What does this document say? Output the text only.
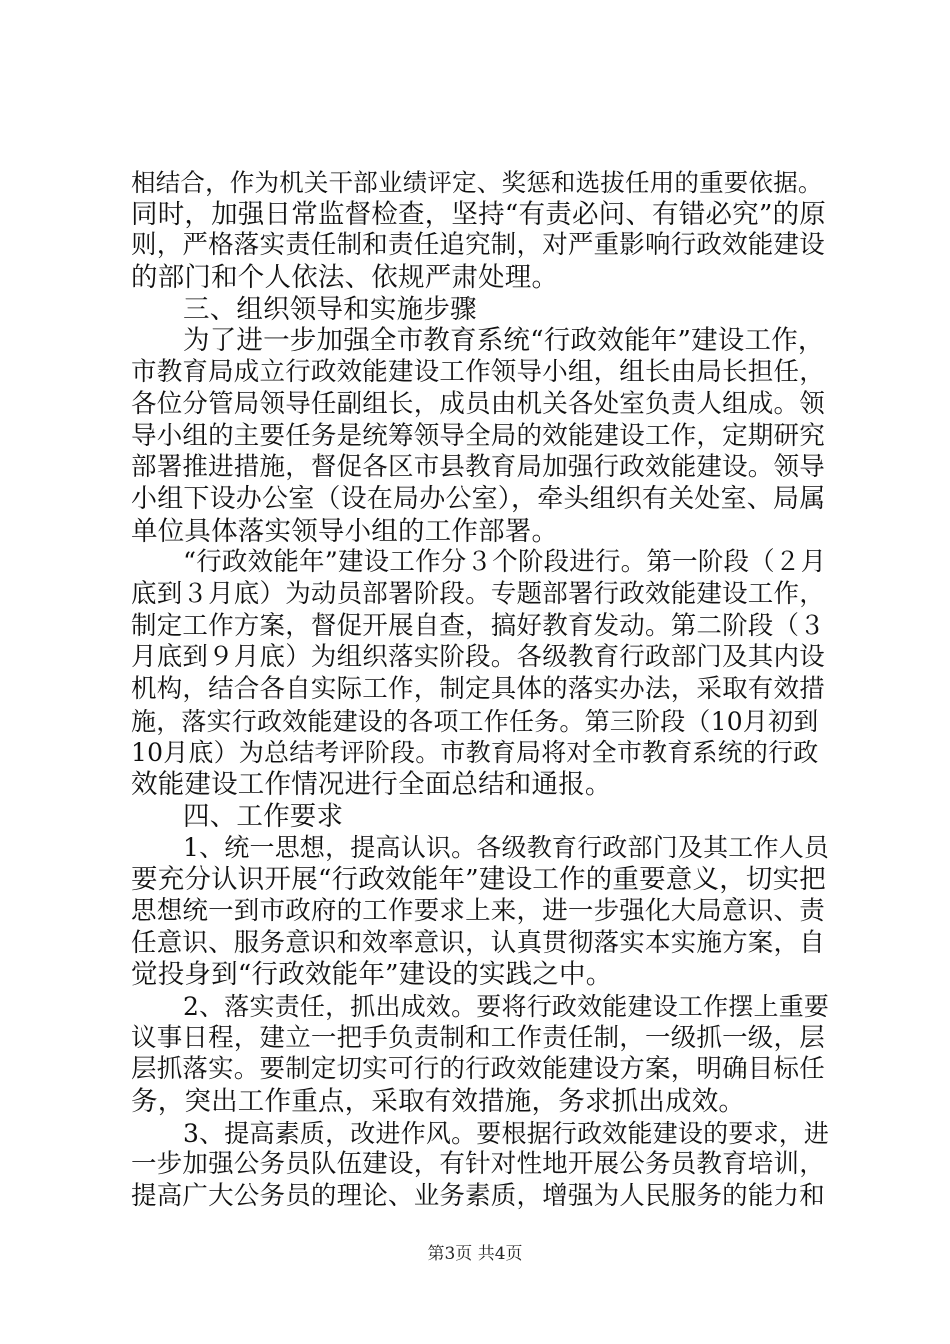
相结合，作为机关干部业绩评定、奖惩和选拔任用的重要依据。
同时，加强日常监督检查，坚持“有责必问、有错必究”的原
则，严格落实责任制和责任追究制，对严重影响行政效能建设
的部门和个人依法、依规严肃处理。
三、组织领导和实施步骤
为了进一步加强全市教育系统“行政效能年”建设工作，
市教育局成立行政效能建设工作领导小组，组长由局长担任，
各位分管局领导任副组长，成员由机关各处室负责人组成。领
导小组的主要任务是统筹领导全局的效能建设工作，定期研究
部署推进措施，督促各区市县教育局加强行政效能建设。领导
小组下设办公室（设在局办公室），牵头组织有关处室、局属
单位具体落实领导小组的工作部署。
“行政效能年”建设工作分３个阶段进行。第一阶段（２月
底到３月底）为动员部署阶段。专题部署行政效能建设工作，
制定工作方案，督促开展自查，搞好教育发动。第二阶段（３
月底到９月底）为组织落实阶段。各级教育行政部门及其内设
机构，结合各自实际工作，制定具体的落实办法，采取有效措
施，落实行政效能建设的各项工作任务。第三阶段（10月初到
10月底）为总结考评阶段。市教育局将对全市教育系统的行政
效能建设工作情况进行全面总结和通报。
四、工作要求
1、统一思想，提高认识。各级教育行政部门及其工作人员
要充分认识开展“行政效能年”建设工作的重要意义，切实把
思想统一到市政府的工作要求上来，进一步强化大局意识、责
任意识、服务意识和效率意识，认真贯彻落实本实施方案，自
觉投身到“行政效能年”建设的实践之中。
2、落实责任，抓出成效。要将行政效能建设工作摆上重要
议事日程，建立一把手负责制和工作责任制，一级抓一级，层
层抓落实。要制定切实可行的行政效能建设方案，明确目标任
务，突出工作重点，采取有效措施，务求抓出成效。
3、提高素质，改进作风。要根据行政效能建设的要求，进
一步加强公务员队伍建设，有针对性地开展公务员教育培训，
提高广大公务员的理论、业务素质，增强为人民服务的能力和
第3页 共4页
